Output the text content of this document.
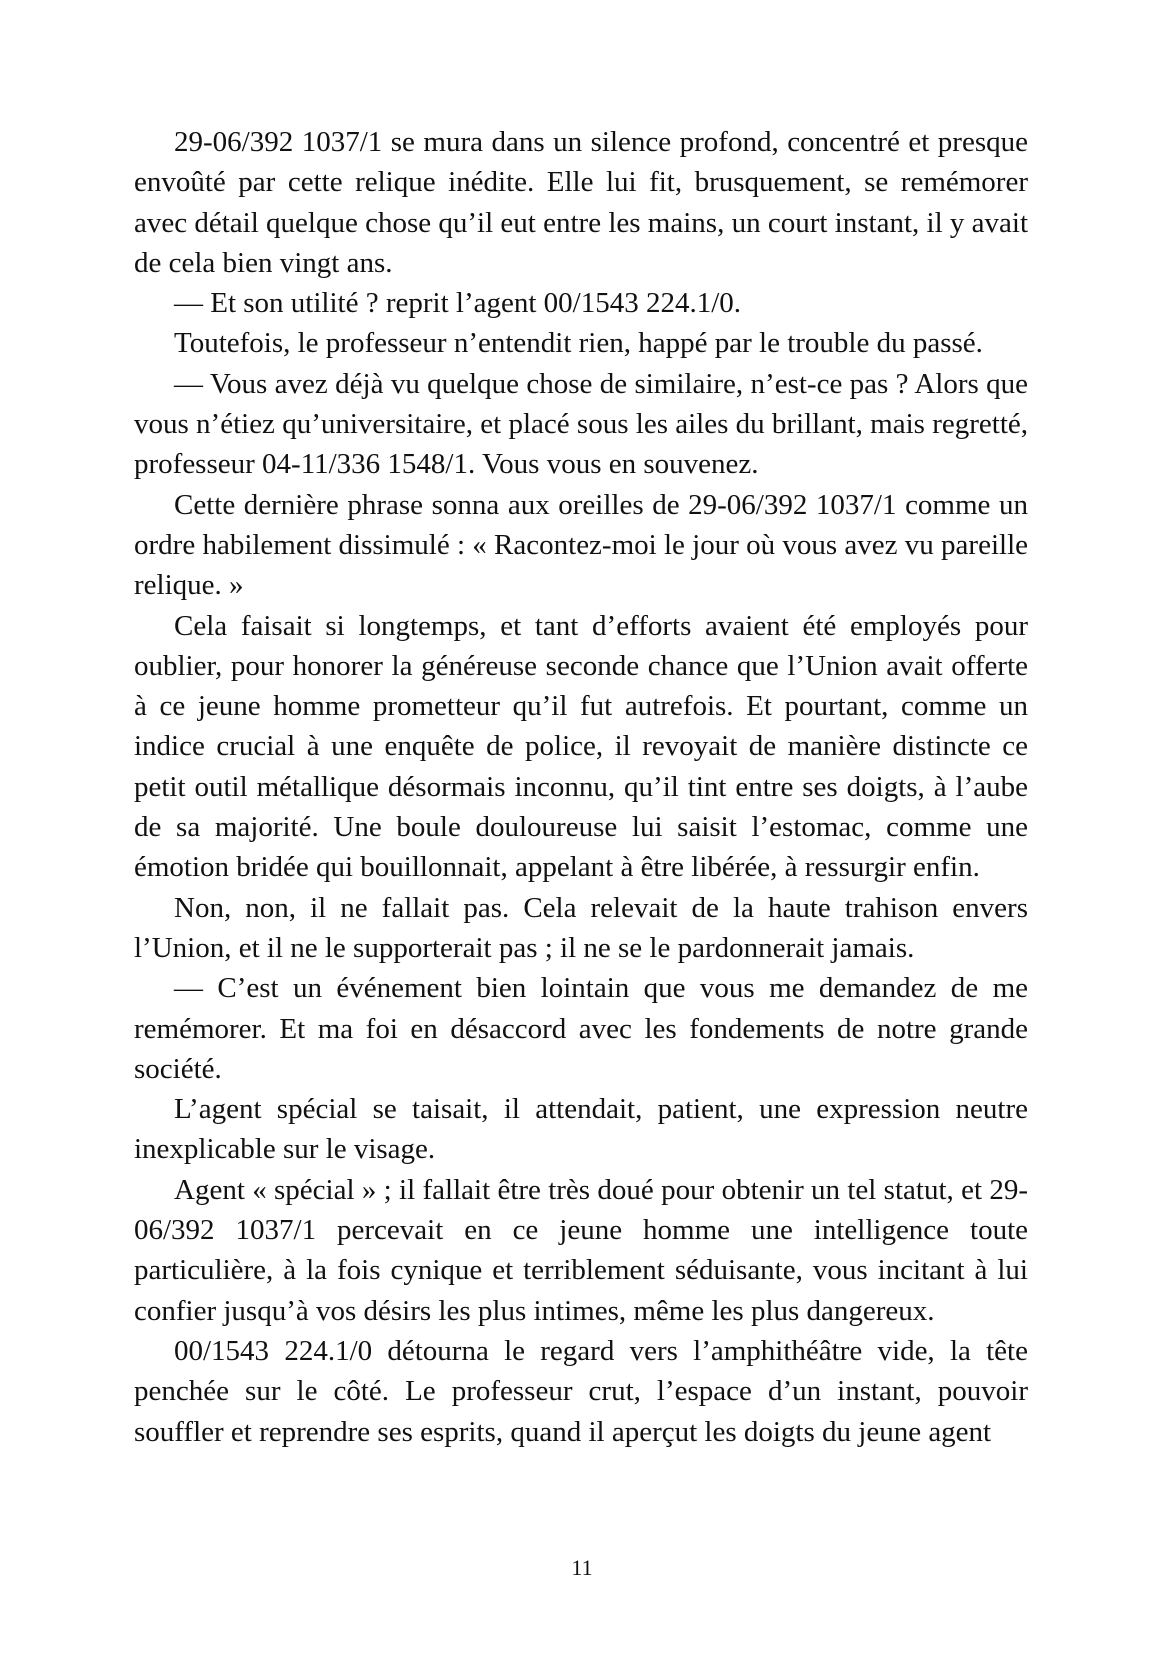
29-06/392 1037/1 se mura dans un silence profond, concentré et presque envoûté par cette relique inédite. Elle lui fit, brusquement, se remémorer avec détail quelque chose qu’il eut entre les mains, un court instant, il y avait de cela bien vingt ans.

— Et son utilité ? reprit l’agent 00/1543 224.1/0.

Toutefois, le professeur n’entendit rien, happé par le trouble du passé.

— Vous avez déjà vu quelque chose de similaire, n’est-ce pas ? Alors que vous n’étiez qu’universitaire, et placé sous les ailes du brillant, mais regretté, professeur 04-11/336 1548/1. Vous vous en souvenez.

Cette dernière phrase sonna aux oreilles de 29-06/392 1037/1 comme un ordre habilement dissimulé : « Racontez-moi le jour où vous avez vu pareille relique. »

Cela faisait si longtemps, et tant d’efforts avaient été employés pour oublier, pour honorer la généreuse seconde chance que l’Union avait offerte à ce jeune homme prometteur qu’il fut autrefois. Et pourtant, comme un indice crucial à une enquête de police, il revoyait de manière distincte ce petit outil métallique désormais inconnu, qu’il tint entre ses doigts, à l’aube de sa majorité. Une boule douloureuse lui saisit l’estomac, comme une émotion bridée qui bouillonnait, appelant à être libérée, à ressurgir enfin.

Non, non, il ne fallait pas. Cela relevait de la haute trahison envers l’Union, et il ne le supporterait pas ; il ne se le pardonnerait jamais.

— C’est un événement bien lointain que vous me demandez de me remémorer. Et ma foi en désaccord avec les fondements de notre grande société.

L’agent spécial se taisait, il attendait, patient, une expression neutre inexplicable sur le visage.

Agent « spécial » ; il fallait être très doué pour obtenir un tel statut, et 29-06/392 1037/1 percevait en ce jeune homme une intelligence toute particulière, à la fois cynique et terriblement séduisante, vous incitant à lui confier jusqu’à vos désirs les plus intimes, même les plus dangereux.

00/1543 224.1/0 détourna le regard vers l’amphithéâtre vide, la tête penchée sur le côté. Le professeur crut, l’espace d’un instant, pouvoir souffler et reprendre ses esprits, quand il aperçut les doigts du jeune agent

11
